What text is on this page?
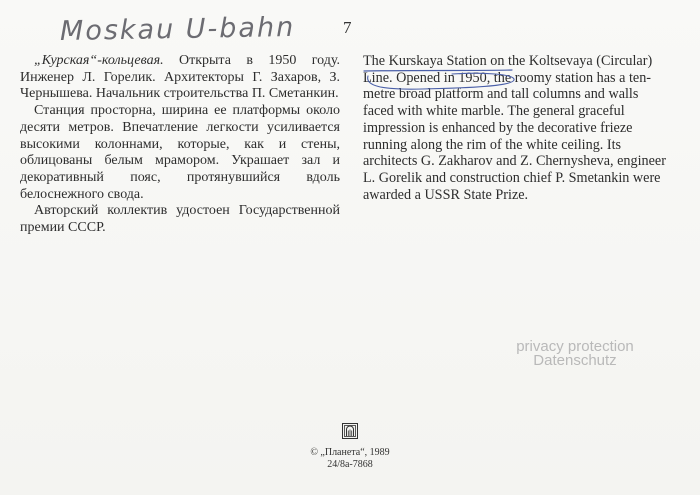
Moskau U-bahn	7

„Курская“-кольцевая. Открыта в 1950 году. Инженер Л. Горелик. Архитекторы Г. Захаров, З. Чернышева. Начальник строительства П. Сметанкин.

Станция просторна, ширина ее платформы около десяти метров. Впечатление легкости усиливается высокими колоннами, которые, как и стены, облицованы белым мрамором. Украшает зал и декоративный пояс, протянувшийся вдоль белоснежного свода.

Авторский коллектив удостоен Государственной премии СССР.

The Kurskaya Station on the Koltsevaya (Circular) Line. Opened in 1950, the roomy station has a ten-metre broad platform and tall columns and walls faced with white marble. The general graceful impression is enhanced by the decorative frieze running along the rim of the white ceiling. Its architects G. Zakharov and Z. Chernysheva, engineer L. Gorelik and construction chief P. Smetankin were awarded a USSR State Prize.

privacy protection
Datenschutz
© „Планета“, 1989
24/8а-7868
